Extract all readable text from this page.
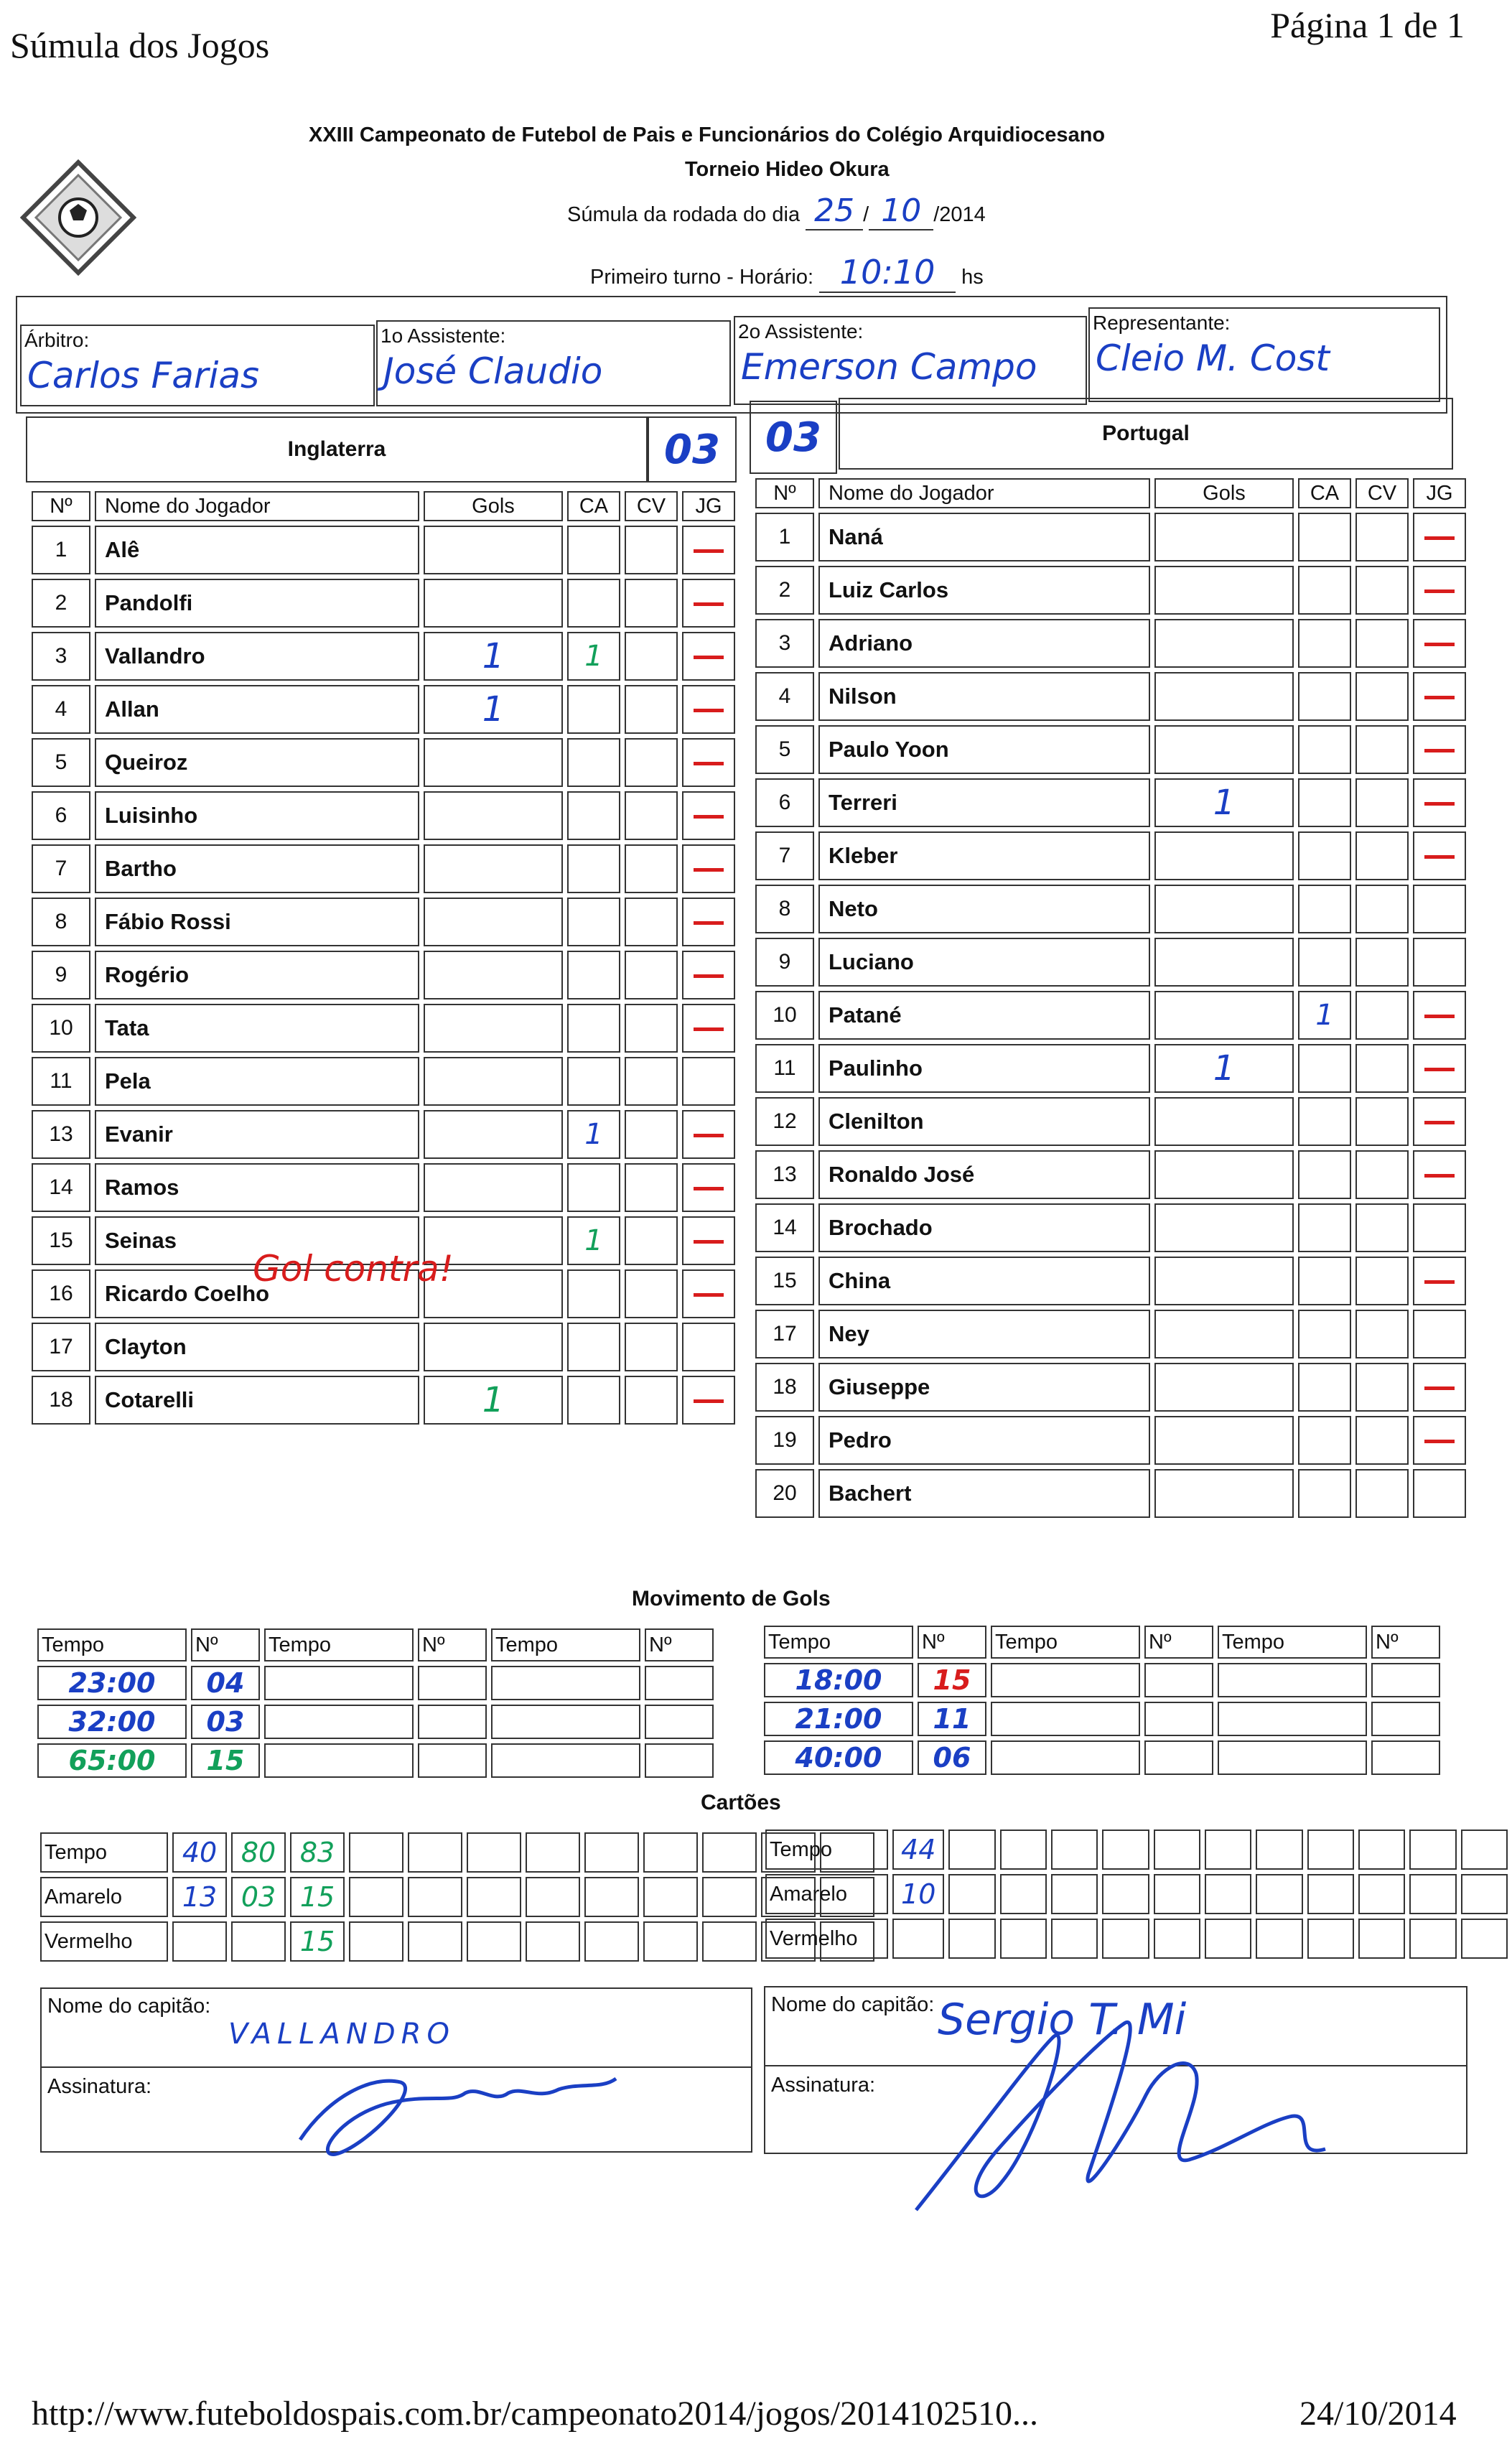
Súmula dos Jogos	Página 1 de 1
XXIII Campeonato de Futebol de Pais e Funcionários do Colégio Arquidiocesano
Torneio Hideo Okura
Súmula da rodada do dia 25 / 10 /2014
Primeiro turno - Horário: 10:10 hs
Árbitro:
Carlos Farias
1o Assistente:
José Claudio
2o Assistente:
Emerson Campo
Representante:
Cleio M. Cost
Inglaterra	03 03	Portugal
Nº	Nome do Jogador	Gols	CA	CV	JG
1	Alê				
2	Pandolfi				
3	Vallandro	1	1		
4	Allan	1			
5	Queiroz				
6	Luisinho				
7	Bartho				
8	Fábio Rossi				
9	Rogério				
10	Tata				
11	Pela				
13	Evanir		1		
14	Ramos				
15	Seinas		1		
16	Ricardo Coelho				
17	Clayton				
18	Cotarelli	1			
Gol contra!
Nº	Nome do Jogador	Gols	CA	CV	JG
1	Naná				
2	Luiz Carlos				
3	Adriano				
4	Nilson				
5	Paulo Yoon				
6	Terreri	1			
7	Kleber				
8	Neto				
9	Luciano				
10	Patané		1		
11	Paulinho	1			
12	Clenilton				
13	Ronaldo José				
14	Brochado				
15	China				
17	Ney				
18	Giuseppe				
19	Pedro				
20	Bachert				
Movimento de Gols
Tempo	Nº	Tempo	Nº	Tempo	Nº
23:00	04				
32:00	03				
65:00	15				
Tempo	Nº	Tempo	Nº	Tempo	Nº
18:00	15				
21:00	11				
40:00	06				
Cartões
Tempo	40	80	83									
Amarelo	13	03	15									
Vermelho			15									
Tempo	44											
Amarelo	10											
Vermelho												
Nome do capitão:
VALLANDRO
Assinatura:
Nome do capitão: Sergio T. Mi
Assinatura:
http://www.futeboldospais.com.br/campeonato2014/jogos/2014102510...	24/10/2014
